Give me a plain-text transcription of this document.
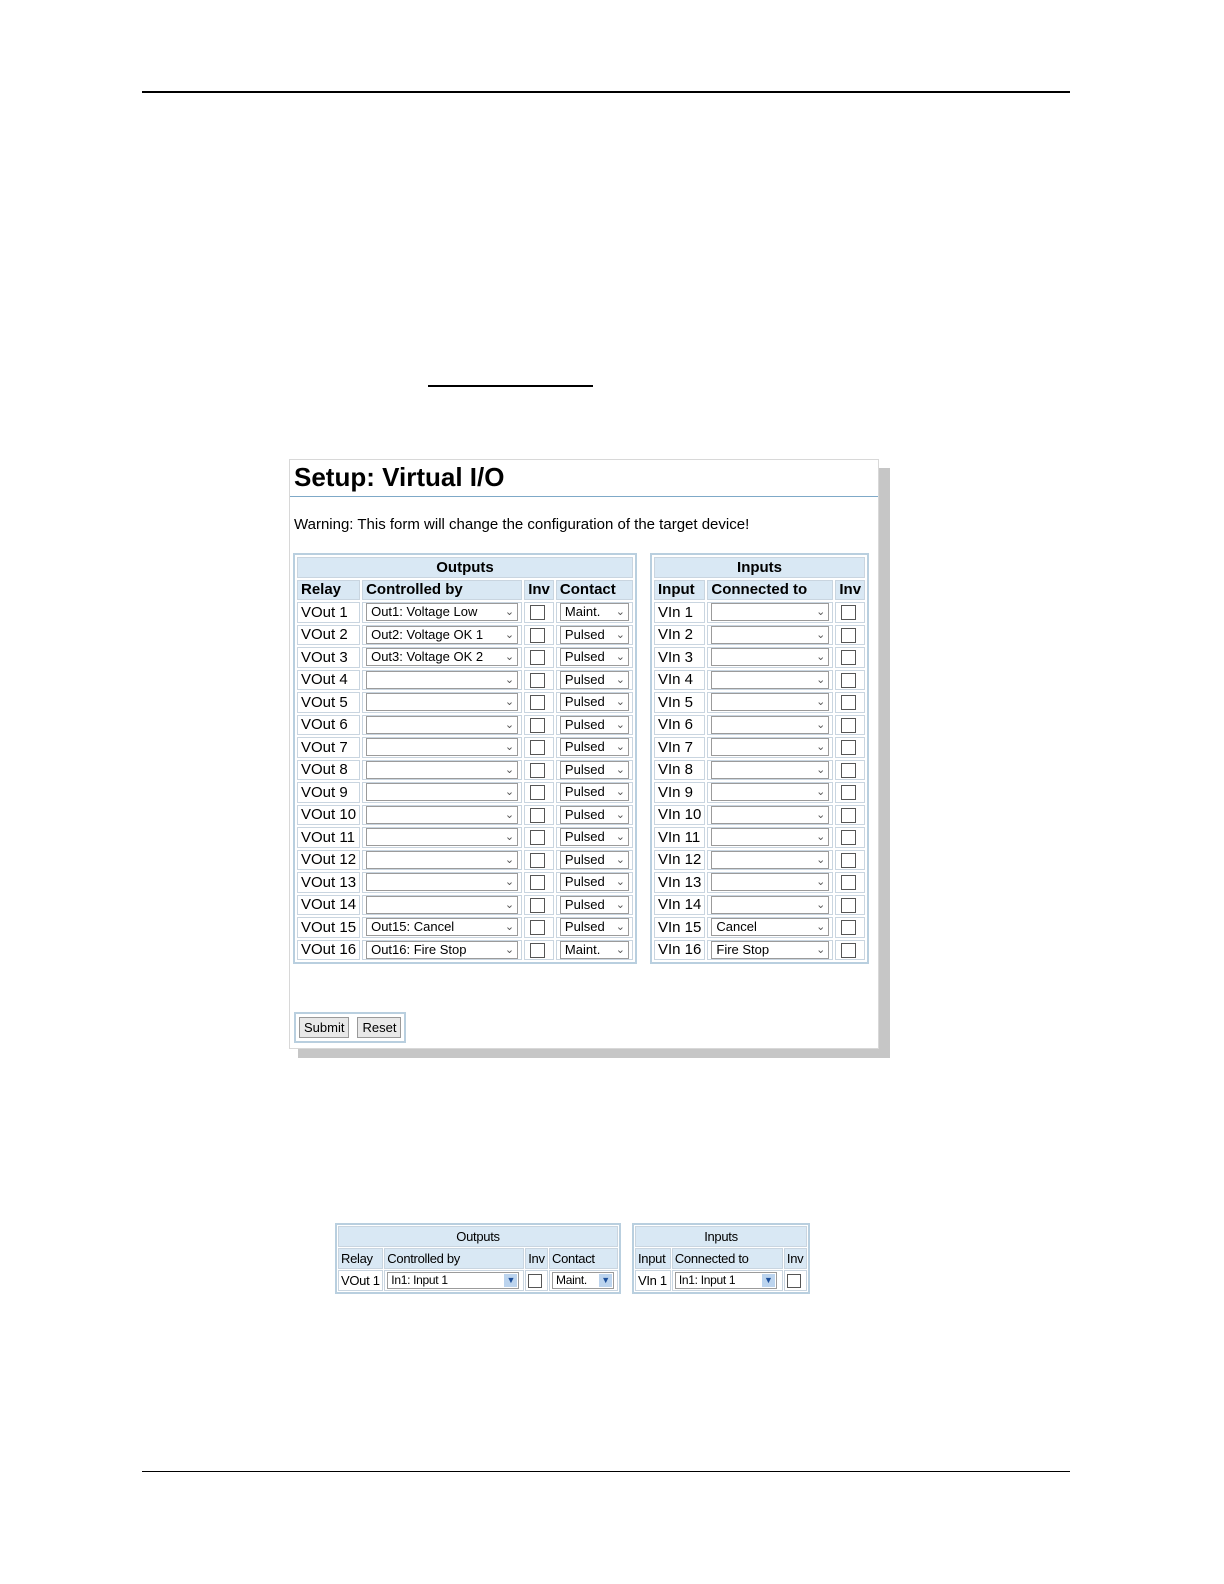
Setup: Virtual I/O
Warning: This form will change the configuration of the target device!
Outputs			
Relay	Controlled by	Inv	Contact
VOut 1	Out1: Voltage Low ⌄		Maint. ⌄

VOut 2	Out2: Voltage OK 1 ⌄		Pulsed ⌄

VOut 3	Out3: Voltage OK 2 ⌄		Pulsed ⌄

VOut 4	⌄		Pulsed ⌄

VOut 5	⌄		Pulsed ⌄

VOut 6	⌄		Pulsed ⌄

VOut 7	⌄		Pulsed ⌄

VOut 8	⌄		Pulsed ⌄

VOut 9	⌄		Pulsed ⌄

VOut 10	⌄		Pulsed ⌄

VOut 11	⌄		Pulsed ⌄

VOut 12	⌄		Pulsed ⌄

VOut 13	⌄		Pulsed ⌄

VOut 14	⌄		Pulsed ⌄

VOut 15	Out15: Cancel ⌄		Pulsed ⌄

VOut 16	Out16: Fire Stop ⌄		Maint. ⌄
Inputs		
Input	Connected to	Inv
VIn 1	⌄	

VIn 2	⌄	

VIn 3	⌄	

VIn 4	⌄	

VIn 5	⌄	

VIn 6	⌄	

VIn 7	⌄	

VIn 8	⌄	

VIn 9	⌄	

VIn 10	⌄	

VIn 11	⌄	

VIn 12	⌄	

VIn 13	⌄	

VIn 14	⌄	

VIn 15	Cancel ⌄	

VIn 16	Fire Stop ⌄	

Submit	Reset
Outputs			
Relay	Controlled by	Inv	Contact
VOut 1	In1: Input 1 ▼		Maint. ▼
Inputs		
Input	Connected to	Inv
VIn 1	In1: Input 1 ▼	
